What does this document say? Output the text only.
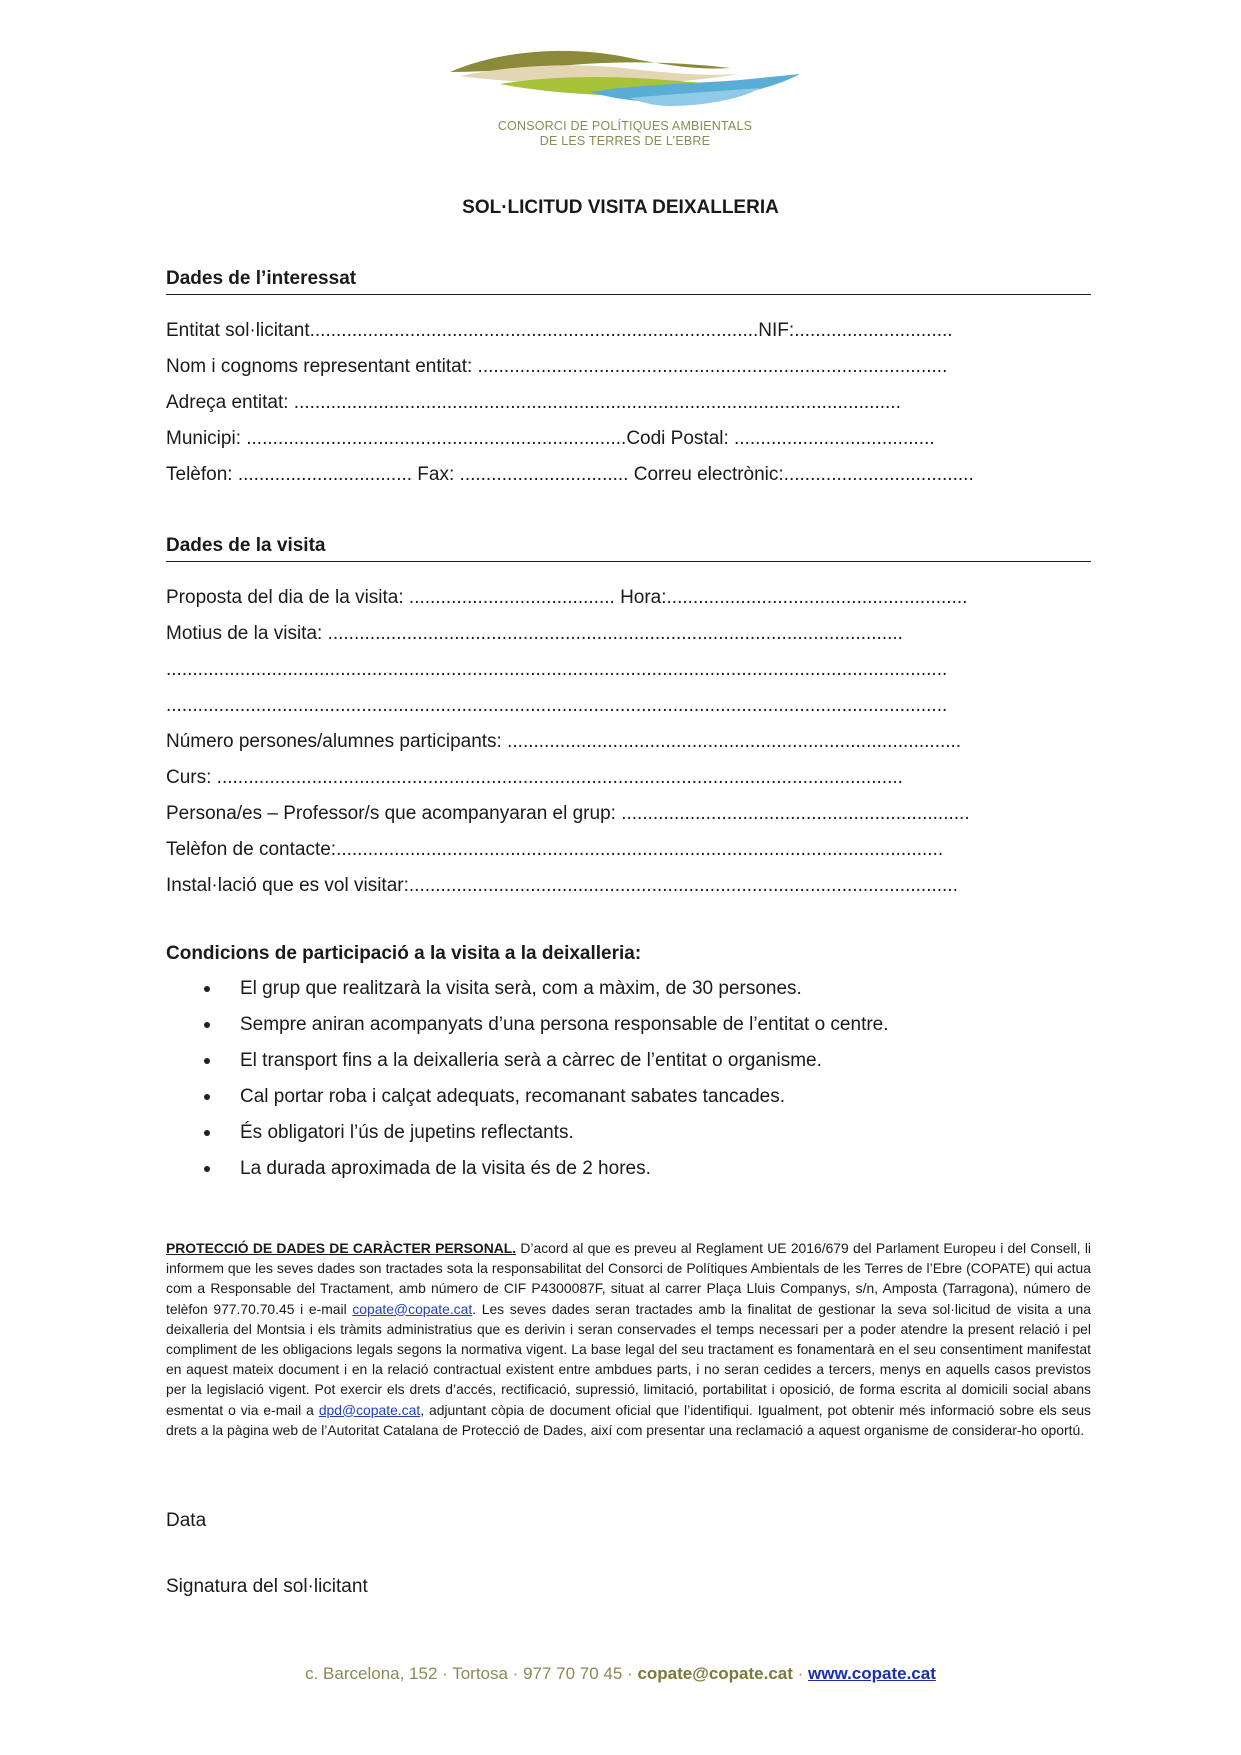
CONSORCI DE POLÍTIQUES AMBIENTALS
DE LES TERRES DE L’EBRE
SOL·LICITUD VISITA DEIXALLERIA
Dades de l’interessat
Entitat sol·licitant.....................................................................................NIF:..............................
Nom i cognoms representant entitat: .........................................................................................
Adreça entitat: ...................................................................................................................
Municipi: ........................................................................Codi Postal: ......................................
Telèfon: ................................. Fax: ................................ Correu electrònic:....................................
Dades de la visita
Proposta del dia de la visita: ....................................... Hora:.........................................................
Motius de la visita: .............................................................................................................
....................................................................................................................................................
....................................................................................................................................................
Número persones/alumnes participants: ......................................................................................
Curs: ..................................................................................................................................
Persona/es – Professor/s que acompanyaran el grup: ..................................................................
Telèfon de contacte:...................................................................................................................
Instal·lació que es vol visitar:........................................................................................................
Condicions de participació a la visita a la deixalleria:
El grup que realitzarà la visita serà, com a màxim, de 30 persones.
Sempre aniran acompanyats d’una persona responsable de l’entitat o centre.
El transport fins a la deixalleria serà a càrrec de l’entitat o organisme.
Cal portar roba i calçat adequats, recomanant sabates tancades.
És obligatori l’ús de jupetins reflectants.
La durada aproximada de la visita és de 2 hores.
PROTECCIÓ DE DADES DE CARÀCTER PERSONAL. D’acord al que es preveu al Reglament UE 2016/679 del Parlament Europeu i del Consell, li informem que les seves dades son tractades sota la responsabilitat del Consorci de Polítiques Ambientals de les Terres de l’Ebre (COPATE) qui actua com a Responsable del Tractament, amb número de CIF P4300087F, situat al carrer Plaça Lluis Companys, s/n, Amposta (Tarragona), número de telèfon 977.70.70.45 i e-mail copate@copate.cat. Les seves dades seran tractades amb la finalitat de gestionar la seva sol·licitud de visita a una deixalleria del Montsia i els tràmits administratius que es derivin i seran conservades el temps necessari per a poder atendre la present relació i pel compliment de les obligacions legals segons la normativa vigent. La base legal del seu tractament es fonamentarà en el seu consentiment manifestat en aquest mateix document i en la relació contractual existent entre ambdues parts, i no seran cedides a tercers, menys en aquells casos previstos per la legislació vigent. Pot exercir els drets d’accés, rectificació, supressió, limitació, portabilitat i oposició, de forma escrita al domicili social abans esmentat o via e-mail a dpd@copate.cat, adjuntant còpia de document oficial que l’identifiqui. Igualment, pot obtenir més informació sobre els seus drets a la pàgina web de l’Autoritat Catalana de Protecció de Dades, així com presentar una reclamació a aquest organisme de considerar-ho oportú.
Data
Signatura del sol·licitant
c. Barcelona, 152 · Tortosa · 977 70 70 45 · copate@copate.cat · www.copate.cat
